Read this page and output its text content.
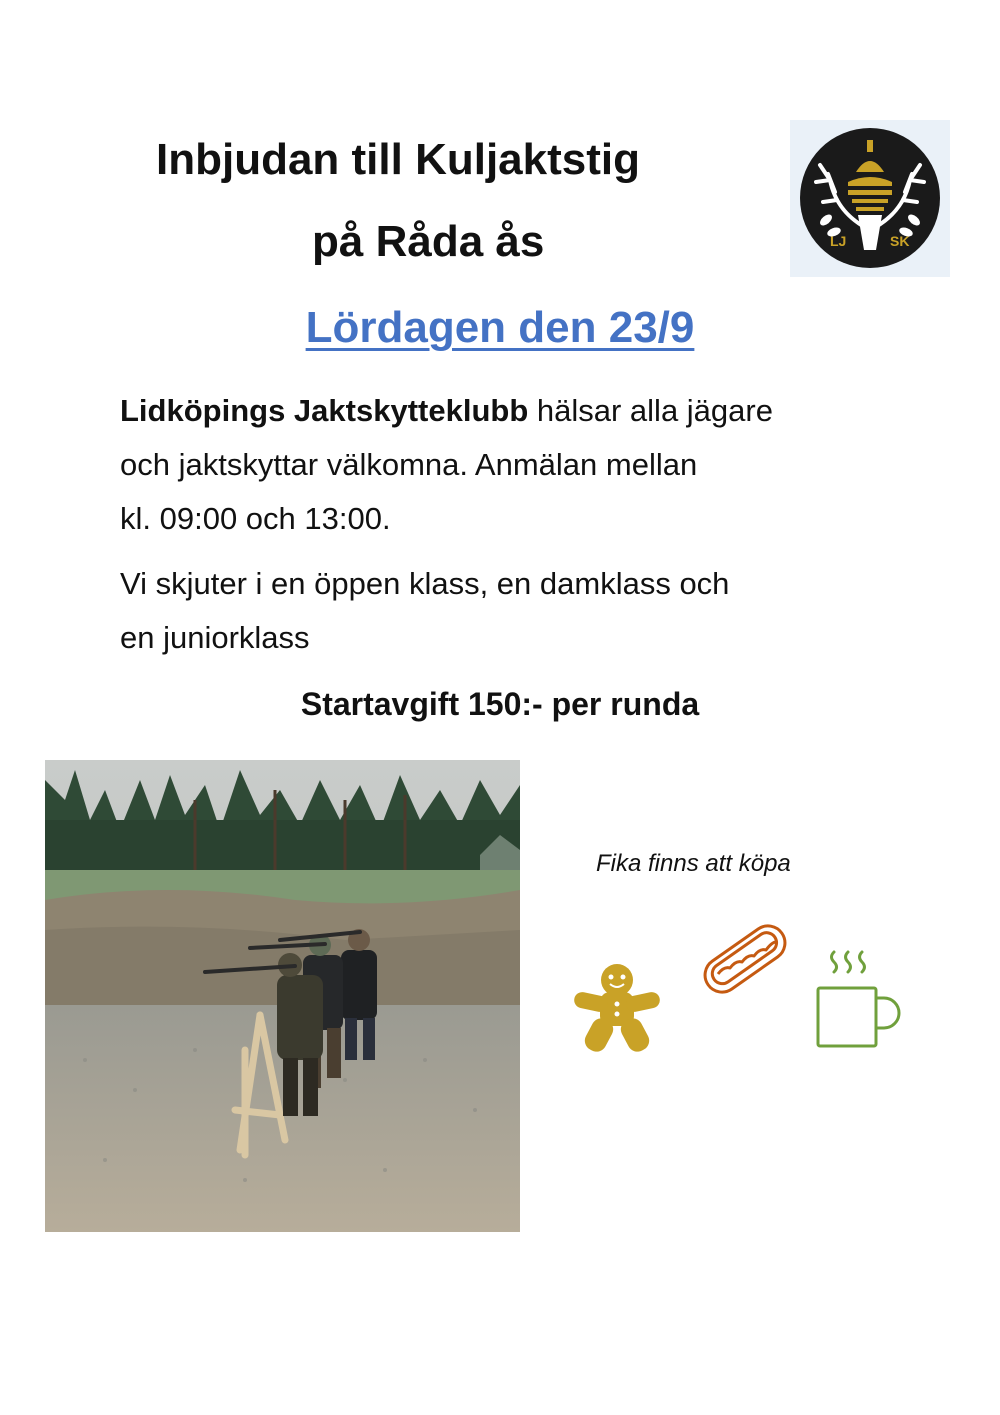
Inbjudan till Kuljaktstig
på Råda ås	LJ	SK
Lördagen den 23/9
Lidköpings Jaktskytteklubb hälsar alla jägare
och jaktskyttar välkomna. Anmälan mellan
kl. 09:00 och 13:00.
Vi skjuter i en öppen klass, en damklass och
en juniorklass
Startavgift 150:- per runda
Fika finns att köpa
